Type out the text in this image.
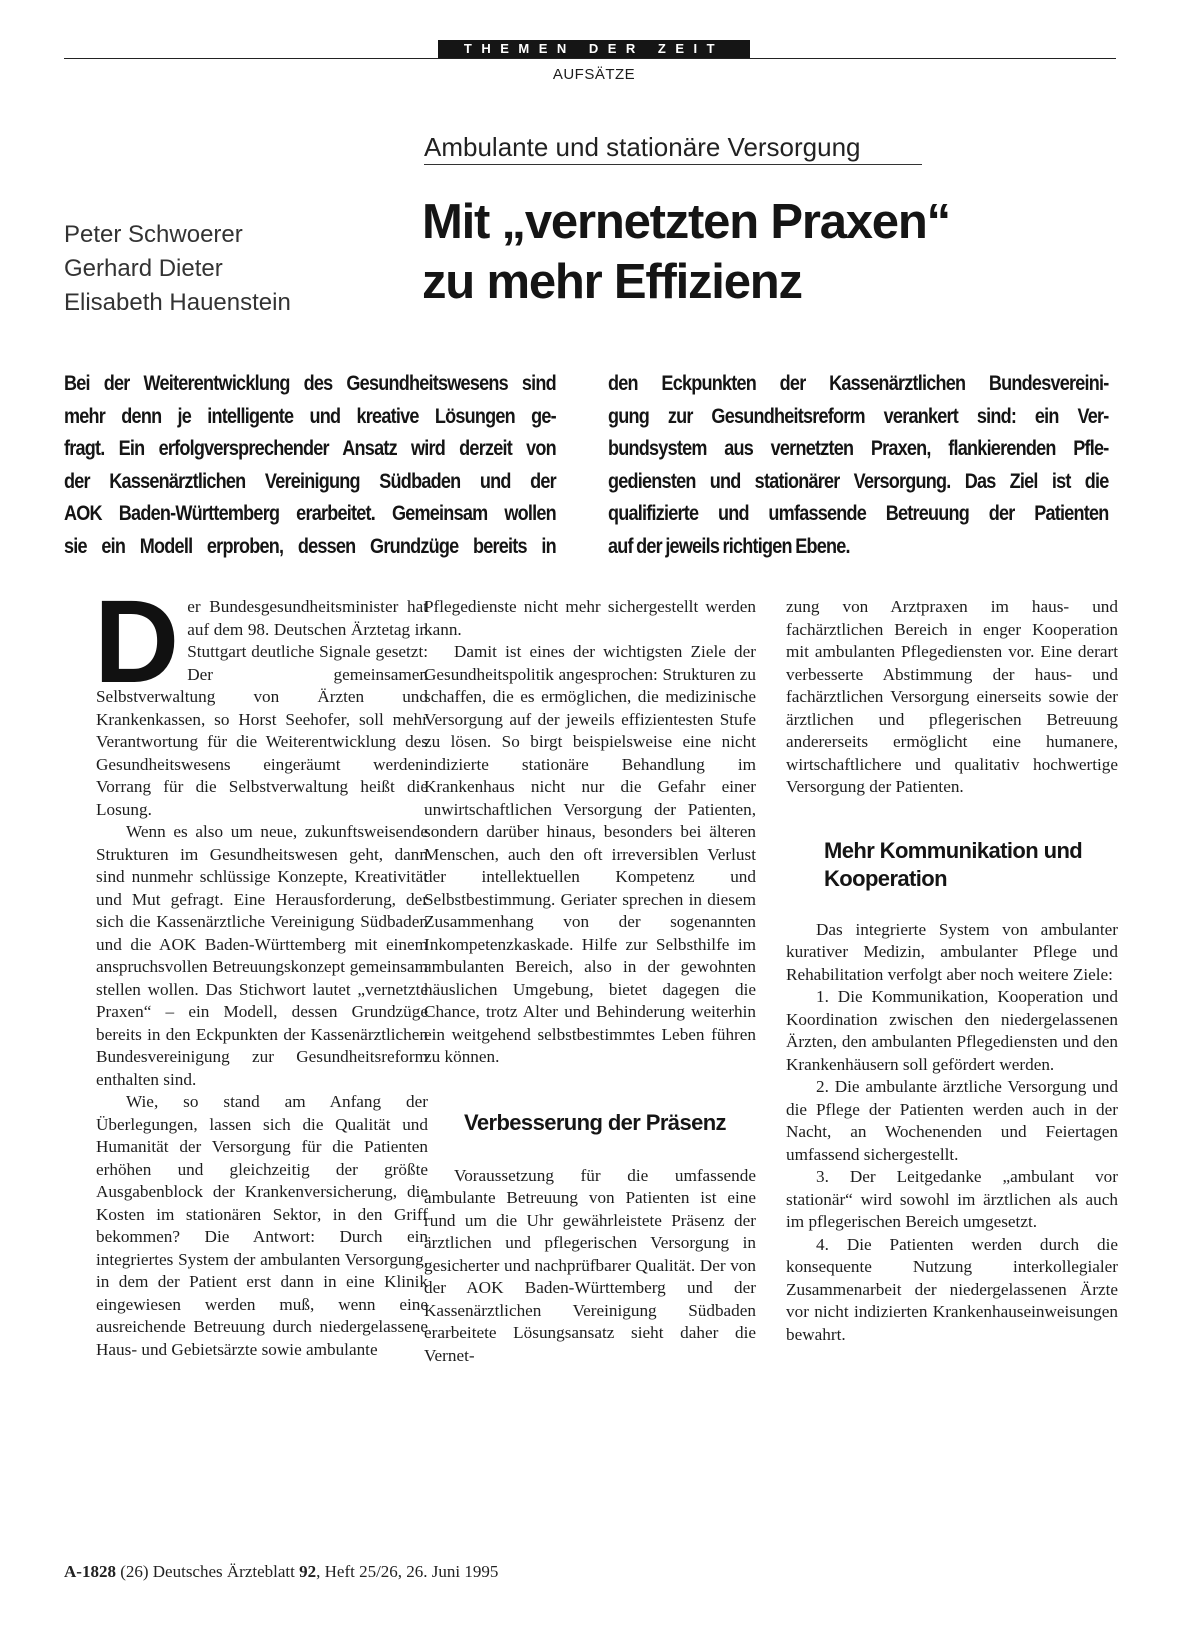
THEMEN DER ZEIT
AUFSÄTZE
Ambulante und stationäre Versorgung
Mit „vernetzten Praxen“
zu mehr Effizienz
Peter Schwoerer
Gerhard Dieter
Elisabeth Hauenstein
Bei der Weiterentwicklung des Gesundheitswesens sind
mehr denn je intelligente und kreative Lösungen ge-
fragt. Ein erfolgversprechender Ansatz wird derzeit von
der Kassenärztlichen Vereinigung Südbaden und der
AOK Baden-Württemberg erarbeitet. Gemeinsam wollen
sie ein Modell erproben, dessen Grundzüge bereits in
den Eckpunkten der Kassenärztlichen Bundesvereini-
gung zur Gesundheitsreform verankert sind: ein Ver-
bundsystem aus vernetzten Praxen, flankierenden Pfle-
gediensten und stationärer Versorgung. Das Ziel ist die
qualifizierte und umfassende Betreuung der Patienten
auf der jeweils richtigen Ebene.

Der Bundesgesundheitsminister hat auf dem 98. Deutschen Ärztetag in Stuttgart deutliche Signale gesetzt: Der gemeinsamen Selbstverwaltung von Ärzten und Krankenkassen, so Horst Seehofer, soll mehr Verantwortung für die Weiterentwicklung des Gesundheitswesens eingeräumt werden. Vorrang für die Selbstverwaltung heißt die Losung.

Wenn es also um neue, zukunftsweisende Strukturen im Gesundheitswesen geht, dann sind nunmehr schlüssige Konzepte, Kreativität und Mut gefragt. Eine Herausforderung, der sich die Kassenärztliche Vereinigung Südbaden und die AOK Baden-Württemberg mit einem anspruchsvollen Betreuungskonzept gemeinsam stellen wollen. Das Stichwort lautet „vernetzte Praxen“ – ein Modell, dessen Grundzüge bereits in den Eckpunkten der Kassenärztlichen Bundesvereinigung zur Gesundheitsreform enthalten sind.

Wie, so stand am Anfang der Überlegungen, lassen sich die Qualität und Humanität der Versorgung für die Patienten erhöhen und gleichzeitig der größte Ausgabenblock der Krankenversicherung, die Kosten im stationären Sektor, in den Griff bekommen? Die Antwort: Durch ein integriertes System der ambulanten Versorgung, in dem der Patient erst dann in eine Klinik eingewiesen werden muß, wenn eine ausreichende Betreuung durch niedergelassene Haus- und Gebietsärzte sowie ambulante

Pflegedienste nicht mehr sichergestellt werden kann.

Damit ist eines der wichtigsten Ziele der Gesundheitspolitik angesprochen: Strukturen zu schaffen, die es ermöglichen, die medizinische Versorgung auf der jeweils effizientesten Stufe zu lösen. So birgt beispielsweise eine nicht indizierte stationäre Behandlung im Krankenhaus nicht nur die Gefahr einer unwirtschaftlichen Versorgung der Patienten, sondern darüber hinaus, besonders bei älteren Menschen, auch den oft irreversiblen Verlust der intellektuellen Kompetenz und Selbstbestimmung. Geriater sprechen in diesem Zusammenhang von der sogenannten Inkompetenzkaskade. Hilfe zur Selbsthilfe im ambulanten Bereich, also in der gewohnten häuslichen Umgebung, bietet dagegen die Chance, trotz Alter und Behinderung weiterhin ein weitgehend selbstbestimmtes Leben führen zu können.

Verbesserung der Präsenz

Voraussetzung für die umfassende ambulante Betreuung von Patienten ist eine rund um die Uhr gewährleistete Präsenz der ärztlichen und pflegerischen Versorgung in gesicherter und nachprüfbarer Qualität. Der von der AOK Baden-Württemberg und der Kassenärztlichen Vereinigung Südbaden erarbeitete Lösungsansatz sieht daher die Vernet-

zung von Arztpraxen im haus- und fachärztlichen Bereich in enger Kooperation mit ambulanten Pflegediensten vor. Eine derart verbesserte Abstimmung der haus- und fachärztlichen Versorgung einerseits sowie der ärztlichen und pflegerischen Betreuung andererseits ermöglicht eine humanere, wirtschaftlichere und qualitativ hochwertige Versorgung der Patienten.

Mehr Kommunikation und Kooperation

Das integrierte System von ambulanter kurativer Medizin, ambulanter Pflege und Rehabilitation verfolgt aber noch weitere Ziele:

1. Die Kommunikation, Kooperation und Koordination zwischen den niedergelassenen Ärzten, den ambulanten Pflegediensten und den Krankenhäusern soll gefördert werden.

2. Die ambulante ärztliche Versorgung und die Pflege der Patienten werden auch in der Nacht, an Wochenenden und Feiertagen umfassend sichergestellt.

3. Der Leitgedanke „ambulant vor stationär“ wird sowohl im ärztlichen als auch im pflegerischen Bereich umgesetzt.

4. Die Patienten werden durch die konsequente Nutzung interkollegialer Zusammenarbeit der niedergelassenen Ärzte vor nicht indizierten Krankenhauseinweisungen bewahrt.

A-1828 (26) Deutsches Ärzteblatt 92, Heft 25/26, 26. Juni 1995
